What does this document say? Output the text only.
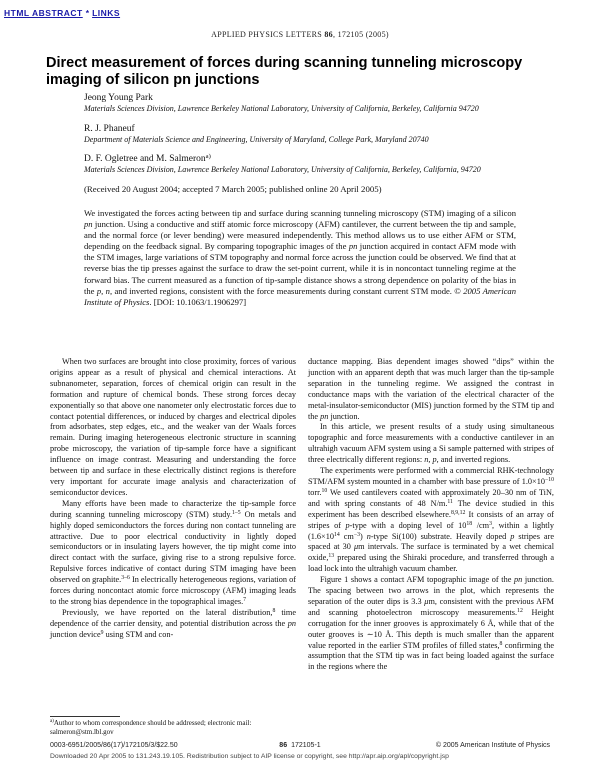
HTML ABSTRACT * LINKS
APPLIED PHYSICS LETTERS 86, 172105 (2005)
Direct measurement of forces during scanning tunneling microscopy imaging of silicon pn junctions
Jeong Young Park
Materials Sciences Division, Lawrence Berkeley National Laboratory, University of California, Berkeley, California 94720
R. J. Phaneuf
Department of Materials Science and Engineering, University of Maryland, College Park, Maryland 20740
D. F. Ogletree and M. Salmeron$^{a)}$
Materials Sciences Division, Lawrence Berkeley National Laboratory, University of California, Berkeley, California, 94720
(Received 20 August 2004; accepted 7 March 2005; published online 20 April 2005)

We investigated the forces acting between tip and surface during scanning tunneling microscopy (STM) imaging of a silicon pn junction. Using a conductive and stiff atomic force microscopy (AFM) cantilever, the current between the tip and sample, and the normal force (or lever bending) were measured independently. This method allows us to use either AFM or STM, depending on the feedback signal. By comparing topographic images of the pn junction acquired in contact AFM mode with the STM images, large variations of STM topography and normal force across the junction could be observed. We find that at reverse bias the tip presses against the surface to draw the set-point current, while it is in noncontact tunneling regime at the forward bias. The current measured as a function of tip-sample distance shows a strong dependence on polarity of the bias in the p, n, and inverted regions, consistent with the force measurements during constant current STM mode. © 2005 American Institute of Physics. [DOI: 10.1063/1.1906297]

When two surfaces are brought into close proximity, forces of various origins appear as a result of physical and chemical interactions. At subnanometer, separation, forces of chemical origin can result in the formation and rupture of chemical bonds. These strong forces decay exponentially so that above one nanometer only electrostatic forces due to contact potential differences, or induced by charges and electrical dipoles from adsorbates, step edges, etc., and the weaker van der Waals forces remain. During imaging heterogeneous electronic structure in scanning probe microscopy, the variation of tip-sample force have a significant influence on image contrast. Measuring and understanding the force between tip and surface in these electrically distinct regions is therefore very important for accurate image analysis and characterization of semiconductor devices.

Many efforts have been made to characterize the tip-sample force during scanning tunneling microscopy (STM) study.$^{1-5}$ On metals and highly doped semiconductors the forces during non contact tunneling are attractive. Due to poor electrical conductivity in lightly doped semiconductors or in insulating layers however, the tip might come into direct contact with the surface, giving rise to a strong repulsive force. Repulsive forces indicative of contact during STM imaging have been observed on graphite.$^{3-6}$ In electrically heterogeneous regions, variation of forces during noncontact atomic force microscopy (AFM) imaging leads to the strong bias dependence in the topographical images.$^7$

Previously, we have reported on the lateral distribution,$^8$ time dependence of the carrier density, and potential distribution across the pn junction device$^9$ using STM and con-

$^{a)}$Author to whom correspondence should be addressed; electronic mail: salmeron@stm.lbl.gov

ductance mapping. Bias dependent images showed “dips” within the junction with an apparent depth that was much larger than the tip-sample separation in the tunneling regime. We assigned the contrast in conductance maps with the variation of the electrical character of the metal-insulator-semiconductor (MIS) junction formed by the STM tip and the pn junction.

In this article, we present results of a study using simultaneous topographic and force measurements with a conductive cantilever in an ultrahigh vacuum AFM system using a Si sample patterned with stripes of three electrically different regions: n, p, and inverted regions.

The experiments were performed with a commercial RHK-technology STM/AFM system mounted in a chamber with base pressure of $1.0\times 10^{-10}$ torr.$^{10}$ We used cantilevers coated with approximately 20–30 nm of TiN, and with spring constants of 48 N/m.$^{11}$ The device studied in this experiment has been described elsewhere.$^{8,9,12}$ It consists of an array of stripes of p-type with a doping level of $10^{18}$ $/cm^3$, within a lightly ($1.6\times 10^{14}$ $cm^{-3}$) n-type Si(100) substrate. Heavily doped p stripes are spaced at 30 μm intervals. The surface is terminated by a wet chemical oxide,$^{13}$ prepared using the Shiraki procedure, and transferred through a load lock into the ultrahigh vacuum chamber.

Figure 1 shows a contact AFM topographic image of the pn junction. The spacing between two arrows in the plot, which represents the separation of the outer dips is 3.3 μm, consistent with the previous AFM and scanning photoelectron microscopy measurements.$^{12}$ Height corrugation for the inner grooves is approximately 6 Å, while that of the outer grooves is ∼10 Å. This depth is much smaller than the apparent value reported in the earlier STM profiles of filled states,$^8$ confirming the assumption that the STM tip was in fact being loaded against the surface in the regions where the

0003-6951/2005/86(17)/172105/3/$22.50	86 172105-1	© 2005 American Institute of Physics
Downloaded 20 Apr 2005 to 131.243.19.105. Redistribution subject to AIP license or copyright, see http://apr.aip.org/apl/copyright.jsp
